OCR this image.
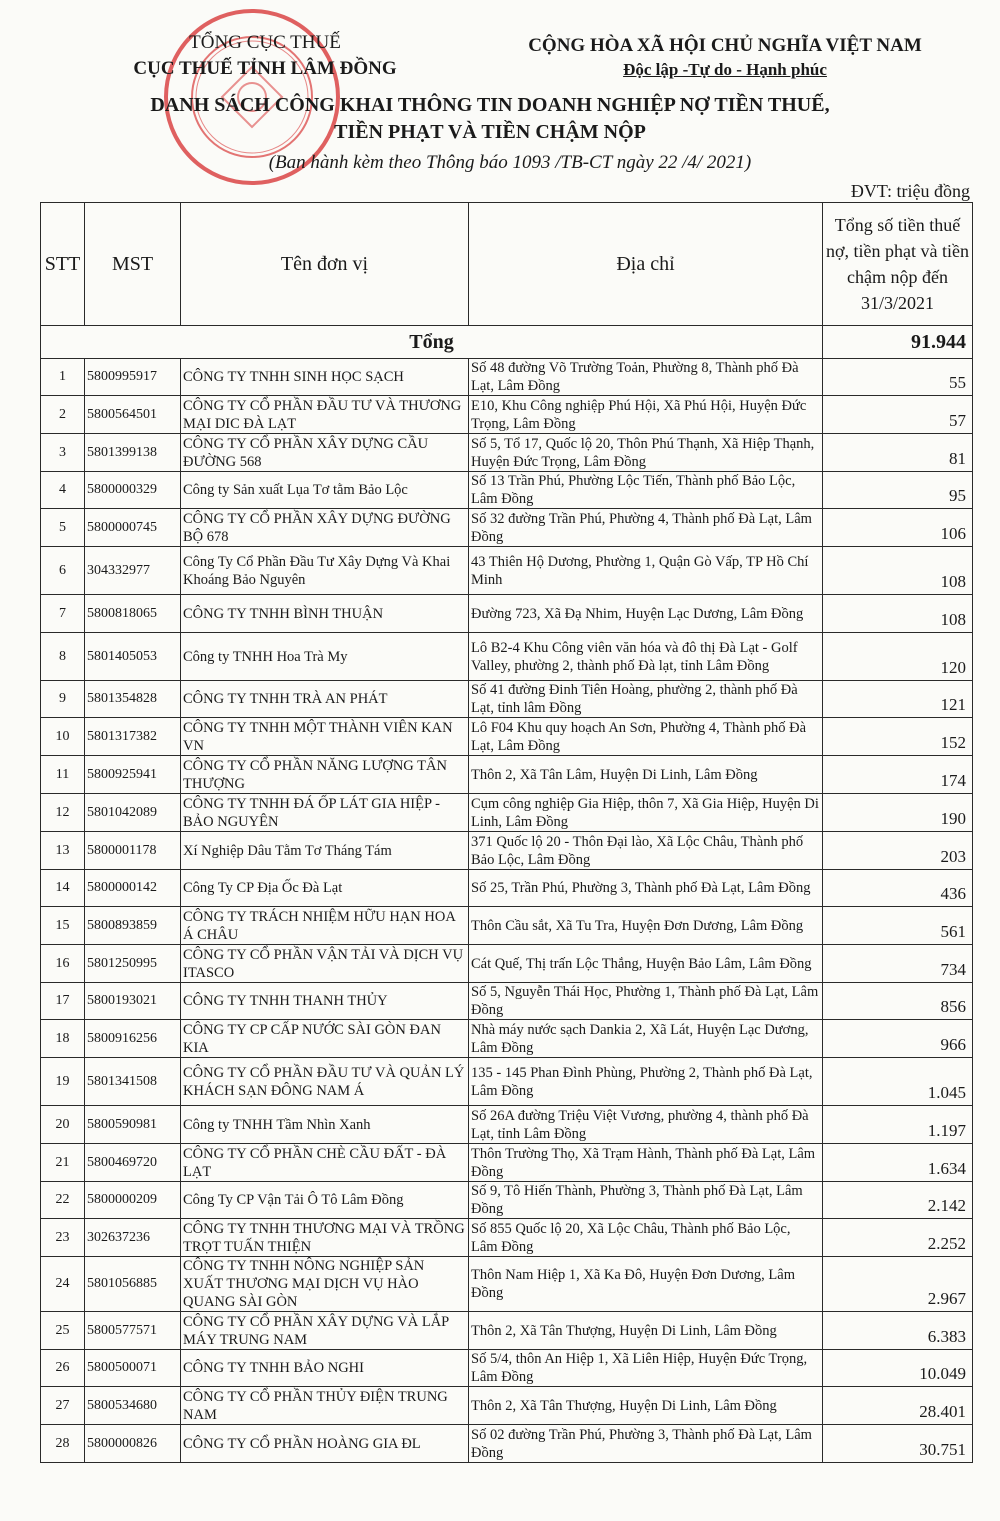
TỔNG CỤC THUẾ
CỤC THUẾ TỈNH LÂM ĐỒNG
CỘNG HÒA XÃ HỘI CHỦ NGHĨA VIỆT NAM
Độc lập -Tự do - Hạnh phúc
DANH SÁCH CÔNG KHAI THÔNG TIN DOANH NGHIỆP NỢ TIỀN THUẾ,
TIỀN PHẠT VÀ TIỀN CHẬM NỘP
(Ban hành kèm theo Thông báo 1093 /TB-CT ngày 22 /4/ 2021)
ĐVT: triệu đồng
STT	MST	Tên đơn vị	Địa chỉ	Tổng số tiền thuế nợ, tiền phạt và tiền chậm nộp đến 31/3/2021
Tổng				91.944
1	5800995917	CÔNG TY TNHH SINH HỌC SẠCH	Số 48 đường Võ Trường Toản, Phường 8, Thành phố Đà Lạt, Lâm Đồng	55
2	5800564501	CÔNG TY CỔ PHẦN ĐẦU TƯ VÀ THƯƠNG MẠI DIC ĐÀ LẠT	E10, Khu Công nghiệp Phú Hội, Xã Phú Hội, Huyện Đức Trọng, Lâm Đồng	57
3	5801399138	CÔNG TY CỔ PHẦN XÂY DỰNG CẦU ĐƯỜNG 568	Số 5, Tổ 17, Quốc lộ 20, Thôn Phú Thạnh, Xã Hiệp Thạnh, Huyện Đức Trọng, Lâm Đồng	81
4	5800000329	Công ty Sản xuất Lụa Tơ tằm Bảo Lộc	Số 13 Trần Phú, Phường Lộc Tiến, Thành phố Bảo Lộc, Lâm Đồng	95
5	5800000745	CÔNG TY CỔ PHẦN XÂY DỰNG ĐƯỜNG BỘ 678	Số 32 đường Trần Phú, Phường 4, Thành phố Đà Lạt, Lâm Đồng	106
6	304332977	Công Ty Cổ Phần Đầu Tư Xây Dựng Và Khai Khoáng Bảo Nguyên	43 Thiên Hộ Dương, Phường 1, Quận Gò Vấp, TP Hồ Chí Minh	108
7	5800818065	CÔNG TY TNHH BÌNH THUẬN	Đường 723, Xã Đạ Nhim, Huyện Lạc Dương, Lâm Đồng	108
8	5801405053	Công ty TNHH Hoa Trà My	Lô B2-4 Khu Công viên văn hóa và đô thị Đà Lạt - Golf Valley, phường 2, thành phố Đà lạt, tỉnh Lâm Đồng	120
9	5801354828	CÔNG TY TNHH TRÀ AN PHÁT	Số 41 đường Đinh Tiên Hoàng, phường 2, thành phố Đà Lạt, tỉnh lâm Đồng	121
10	5801317382	CÔNG TY TNHH MỘT THÀNH VIÊN KAN VN	Lô F04 Khu quy hoạch An Sơn, Phường 4, Thành phố Đà Lạt, Lâm Đồng	152
11	5800925941	CÔNG TY CỔ PHẦN NĂNG LƯỢNG TÂN THƯỢNG	Thôn 2, Xã Tân Lâm, Huyện Di Linh, Lâm Đồng	174
12	5801042089	CÔNG TY TNHH ĐÁ ỐP LÁT GIA HIỆP - BẢO NGUYÊN	Cụm công nghiệp Gia Hiệp, thôn 7, Xã Gia Hiệp, Huyện Di Linh, Lâm Đồng	190
13	5800001178	Xí Nghiệp Dâu Tằm Tơ Tháng Tám	371 Quốc lộ 20 - Thôn Đại lào, Xã Lộc Châu, Thành phố Bảo Lộc, Lâm Đồng	203
14	5800000142	Công Ty CP Địa Ốc Đà Lạt	Số 25, Trần Phú, Phường 3, Thành phố Đà Lạt, Lâm Đồng	436
15	5800893859	CÔNG TY TRÁCH NHIỆM HỮU HẠN HOA Á CHÂU	Thôn Cầu sắt, Xã Tu Tra, Huyện Đơn Dương, Lâm Đồng	561
16	5801250995	CÔNG TY CỔ PHẦN VẬN TẢI VÀ DỊCH VỤ ITASCO	Cát Quế, Thị trấn Lộc Thắng, Huyện Bảo Lâm, Lâm Đồng	734
17	5800193021	CÔNG TY TNHH THANH THỦY	Số 5, Nguyễn Thái Học, Phường 1, Thành phố Đà Lạt, Lâm Đồng	856
18	5800916256	CÔNG TY CP CẤP NƯỚC SÀI GÒN ĐAN KIA	Nhà máy nước sạch Dankia 2, Xã Lát, Huyện Lạc Dương, Lâm Đồng	966
19	5801341508	CÔNG TY CỔ PHẦN ĐẦU TƯ VÀ QUẢN LÝ KHÁCH SẠN ĐÔNG NAM Á	135 - 145 Phan Đình Phùng, Phường 2, Thành phố Đà Lạt, Lâm Đồng	1.045
20	5800590981	Công ty TNHH Tầm Nhìn Xanh	Số 26A đường Triệu Việt Vương, phường 4, thành phố Đà Lạt, tỉnh Lâm Đồng	1.197
21	5800469720	CÔNG TY CỔ PHẦN CHÈ CẦU ĐẤT - ĐÀ LẠT	Thôn Trường Thọ, Xã Trạm Hành, Thành phố Đà Lạt, Lâm Đồng	1.634
22	5800000209	Công Ty CP Vận Tải Ô Tô Lâm Đồng	Số 9, Tô Hiến Thành, Phường 3, Thành phố Đà Lạt, Lâm Đồng	2.142
23	302637236	CÔNG TY TNHH THƯƠNG MẠI VÀ TRỒNG TRỌT TUẤN THIỆN	Số 855 Quốc lộ 20, Xã Lộc Châu, Thành phố Bảo Lộc, Lâm Đồng	2.252
24	5801056885	CÔNG TY TNHH NÔNG NGHIỆP SẢN XUẤT THƯƠNG MẠI DỊCH VỤ HÀO QUANG SÀI GÒN	Thôn Nam Hiệp 1, Xã Ka Đô, Huyện Đơn Dương, Lâm Đồng	2.967
25	5800577571	CÔNG TY CỔ PHẦN XÂY DỰNG VÀ LẮP MÁY TRUNG NAM	Thôn 2, Xã Tân Thượng, Huyện Di Linh, Lâm Đồng	6.383
26	5800500071	CÔNG TY TNHH BẢO NGHI	Số 5/4, thôn An Hiệp 1, Xã Liên Hiệp, Huyện Đức Trọng, Lâm Đồng	10.049
27	5800534680	CÔNG TY CỔ PHẦN THỦY ĐIỆN TRUNG NAM	Thôn 2, Xã Tân Thượng, Huyện Di Linh, Lâm Đồng	28.401
28	5800000826	CÔNG TY CỔ PHẦN HOÀNG GIA ĐL	Số 02 đường Trần Phú, Phường 3, Thành phố Đà Lạt, Lâm Đồng	30.751
